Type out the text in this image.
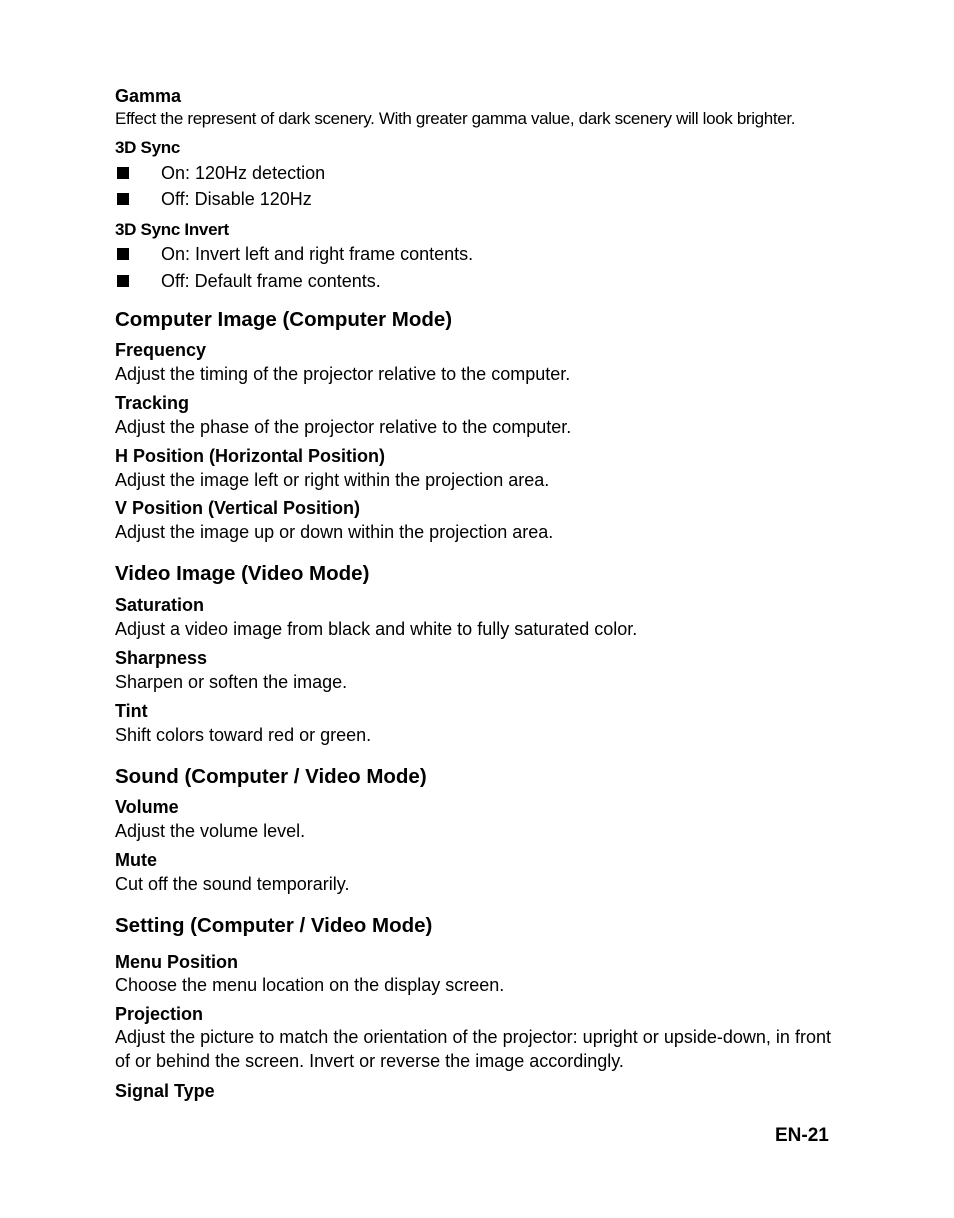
Gamma
Effect the represent of dark scenery. With greater gamma value, dark scenery will look brighter.
3D Sync
On: 120Hz detection
Off: Disable 120Hz
3D Sync Invert
On: Invert left and right frame contents.
Off: Default frame contents.
Computer Image (Computer Mode)
Frequency
Adjust the timing of the projector relative to the computer.
Tracking
Adjust the phase of the projector relative to the computer.
H Position (Horizontal Position)
Adjust the image left or right within the projection area.
V Position (Vertical Position)
Adjust the image up or down within the projection area.
Video Image (Video Mode)
Saturation
Adjust a video image from black and white to fully saturated color.
Sharpness
Sharpen or soften the image.
Tint
Shift colors toward red or green.
Sound (Computer / Video Mode)
Volume
Adjust the volume level.
Mute
Cut off the sound temporarily.
Setting (Computer / Video Mode)
Menu Position
Choose the menu location on the display screen.
Projection
Adjust the picture to match the orientation of the projector: upright or upside-down, in front of or behind the screen. Invert or reverse the image accordingly.
Signal Type
EN-21
